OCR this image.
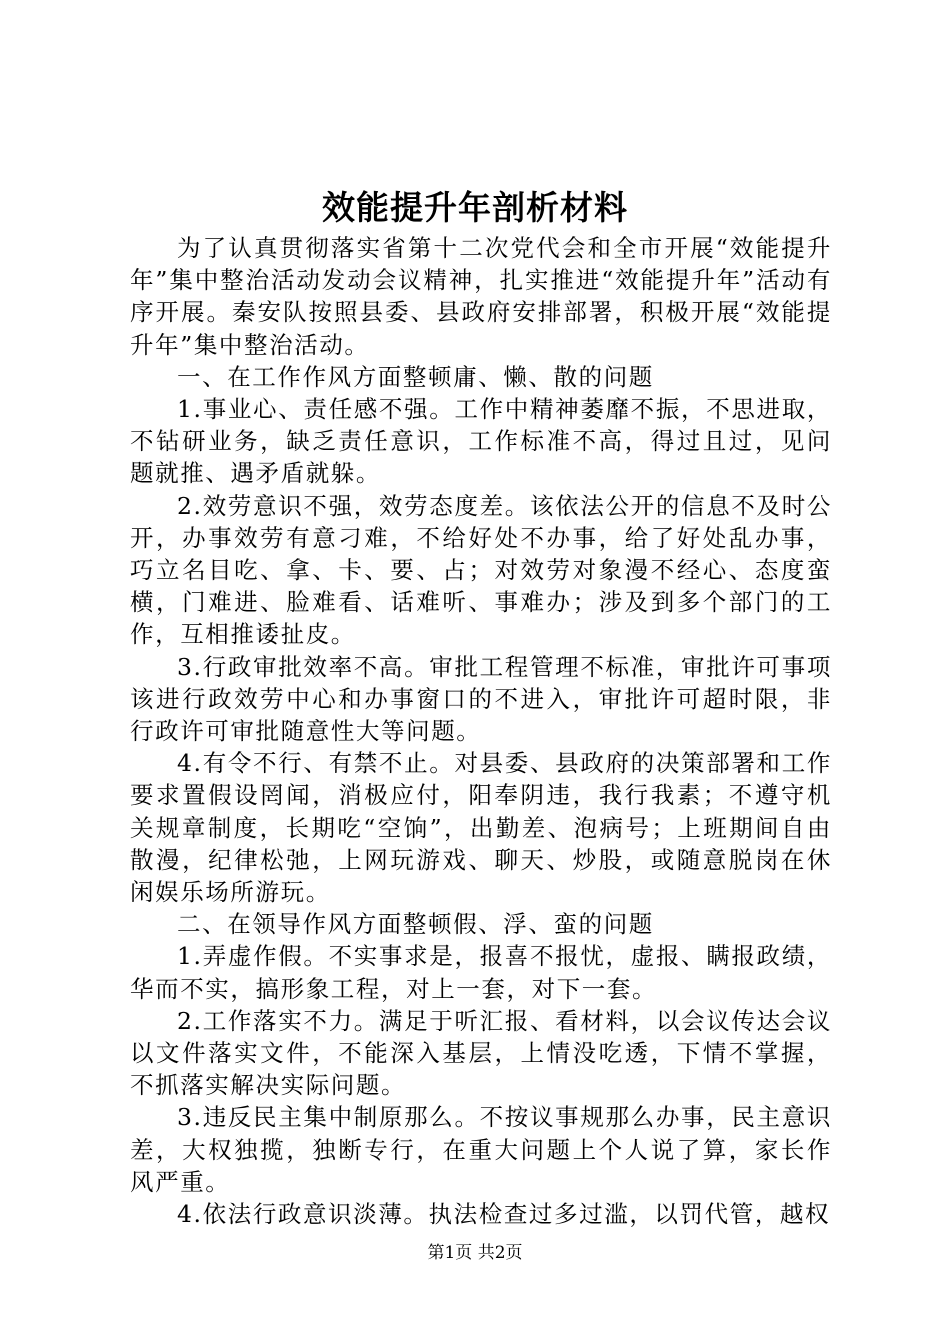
效能提升年剖析材料

为了认真贯彻落实省第十二次党代会和全市开展“效能提升年”集中整治活动发动会议精神，扎实推进“效能提升年”活动有序开展。秦安队按照县委、县政府安排部署，积极开展“效能提升年”集中整治活动。

一、在工作作风方面整顿庸、懒、散的问题

1.事业心、责任感不强。工作中精神萎靡不振，不思进取，不钻研业务，缺乏责任意识，工作标准不高，得过且过，见问题就推、遇矛盾就躲。

2.效劳意识不强，效劳态度差。该依法公开的信息不及时公开，办事效劳有意刁难，不给好处不办事，给了好处乱办事，巧立名目吃、拿、卡、要、占；对效劳对象漫不经心、态度蛮横，门难进、脸难看、话难听、事难办；涉及到多个部门的工作，互相推诿扯皮。

3.行政审批效率不高。审批工程管理不标准，审批许可事项该进行政效劳中心和办事窗口的不进入，审批许可超时限，非行政许可审批随意性大等问题。

4.有令不行、有禁不止。对县委、县政府的决策部署和工作要求置假设罔闻，消极应付，阳奉阴违，我行我素；不遵守机关规章制度，长期吃“空饷”，出勤差、泡病号；上班期间自由散漫，纪律松弛，上网玩游戏、聊天、炒股，或随意脱岗在休闲娱乐场所游玩。

二、在领导作风方面整顿假、浮、蛮的问题

1.弄虚作假。不实事求是，报喜不报忧，虚报、瞒报政绩，华而不实，搞形象工程，对上一套，对下一套。

2.工作落实不力。满足于听汇报、看材料，以会议传达会议以文件落实文件，不能深入基层，上情没吃透，下情不掌握，不抓落实解决实际问题。

3.违反民主集中制原那么。不按议事规那么办事，民主意识差，大权独揽，独断专行，在重大问题上个人说了算，家长作风严重。

4.依法行政意识淡薄。执法检查过多过滥，以罚代管，越权

第1页 共2页
